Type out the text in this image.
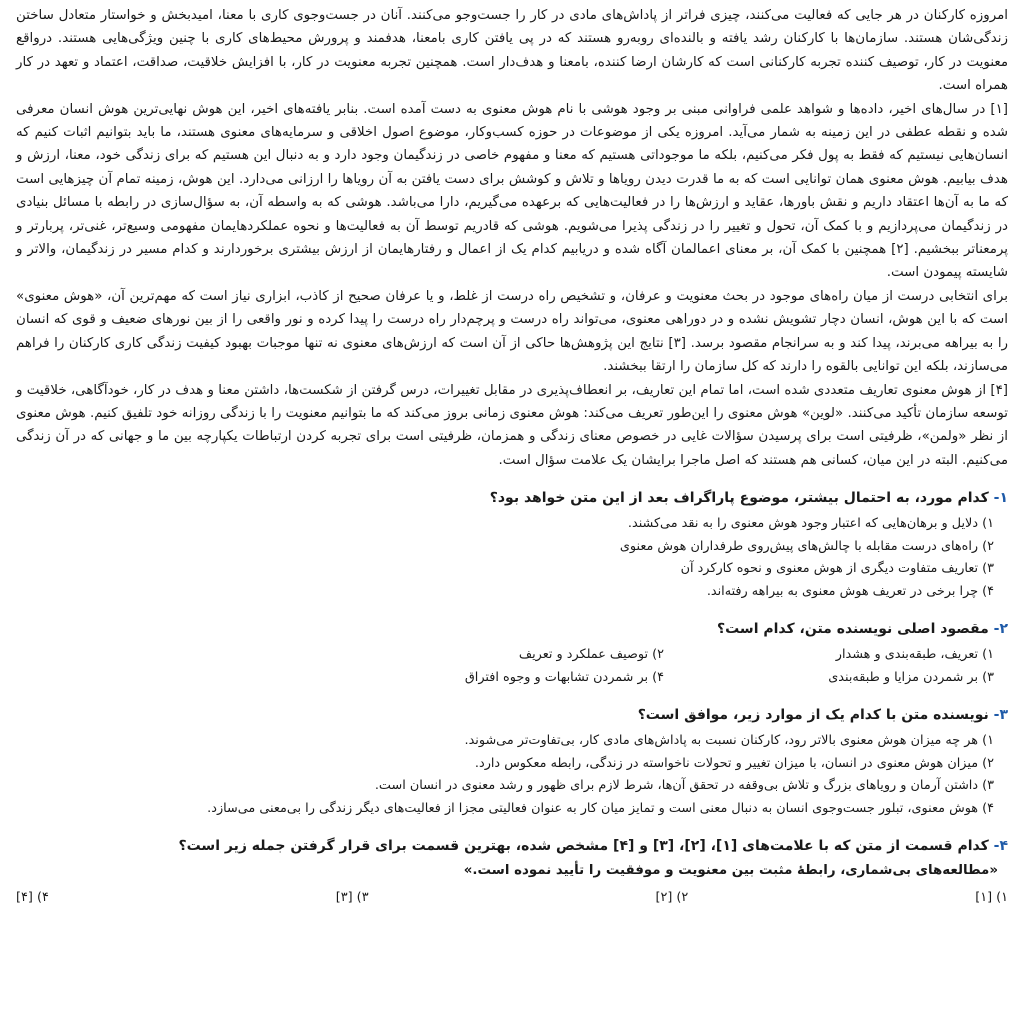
امروزه کارکنان در هر جایی که فعالیت می‌کنند، چیزی فراتر از پاداش‌های مادی در کار را جست‌وجو می‌کنند. آنان در جست‌وجوی کاری با معنا، امیدبخش و خواستار متعادل ساختن زندگی‌شان هستند. سازمان‌ها با کارکنان رشد یافته و بالنده‌ای روبه‌رو هستند که در پی یافتن کاری بامعنا، هدفمند و پرورش محیط‌های کاری با چنین ویژگی‌هایی هستند. درواقع معنویت در کار، توصیف کننده تجربه کارکنانی است که کارشان ارضا کننده، بامعنا و هدف‌دار است. همچنین تجربه معنویت در کار، با افزایش خلاقیت، صداقت، اعتماد و تعهد در کار همراه است.

[۱] در سال‌های اخیر، داده‌ها و شواهد علمی فراوانی مبنی بر وجود هوشی با نام هوش معنوی به دست آمده است. بنابر یافته‌های اخیر، این هوش نهایی‌ترین هوش انسان معرفی شده و نقطه عطفی در این زمینه به شمار می‌آید. امروزه یکی از موضوعات در حوزه کسب‌وکار، موضوع اصول اخلاقی و سرمایه‌های معنوی هستند، ما باید بتوانیم اثبات کنیم که انسان‌هایی نیستیم که فقط به پول فکر می‌کنیم، بلکه ما موجوداتی هستیم که معنا و مفهوم خاصی در زندگیمان وجود دارد و به دنبال این هستیم که برای زندگی خود، معنا، ارزش و هدف بیابیم. هوش معنوی همان توانایی است که به ما قدرت دیدن رویاها و تلاش و کوشش برای دست یافتن به آن رویاها را ارزانی می‌دارد. این هوش، زمینه تمام آن چیزهایی است که ما به آن‌ها اعتقاد داریم و نقش باورها، عقاید و ارزش‌ها را در فعالیت‌هایی که برعهده می‌گیریم، دارا می‌باشد. هوشی که به واسطه آن، به سؤال‌سازی در رابطه با مسائل بنیادی در زندگیمان می‌پردازیم و با کمک آن، تحول و تغییر را در زندگی پذیرا می‌شویم. هوشی که قادریم توسط آن به فعالیت‌ها و نحوه عملکردهایمان مفهومی وسیع‌تر، غنی‌تر، پربارتر و پرمعناتر ببخشیم. [۲] همچنین با کمک آن، بر معنای اعمالمان آگاه شده و دریابیم کدام یک از اعمال و رفتارهایمان از ارزش بیشتری برخوردارند و کدام مسیر در زندگیمان، والاتر و شایسته پیمودن است.

برای انتخابی درست از میان راه‌های موجود در بحث معنویت و عرفان، و تشخیص راه درست از غلط، و یا عرفان صحیح از کاذب، ابزاری نیاز است که مهم‌ترین آن، «هوش معنوی» است که با این هوش، انسان دچار تشویش نشده و در دوراهی معنوی، می‌تواند راه درست و پرچم‌دار راه درست را پیدا کرده و نور واقعی را از بین نورهای ضعیف و قوی که انسان را به بیراهه می‌برند، پیدا کند و به سرانجام مقصود برسد. [۳] نتایج این پژوهش‌ها حاکی از آن است که ارزش‌های معنوی نه تنها موجبات بهبود کیفیت زندگی کاری کارکنان را فراهم می‌سازند، بلکه این توانایی بالقوه را دارند که کل سازمان را ارتقا ببخشند.

[۴] از هوش معنوی تعاریف متعددی شده است، اما تمام این تعاریف، بر انعطاف‌پذیری در مقابل تغییرات، درس گرفتن از شکست‌ها، داشتن معنا و هدف در کار، خودآگاهی، خلاقیت و توسعه سازمان تأکید می‌کنند. «لوین» هوش معنوی را این‌طور تعریف می‌کند: هوش معنوی زمانی بروز می‌کند که ما بتوانیم معنویت را با زندگی روزانه خود تلفیق کنیم. هوش معنوی از نظر «ولمن»، ظرفیتی است برای پرسیدن سؤالات غایی در خصوص معنای زندگی و همزمان، ظرفیتی است برای تجربه کردن ارتباطات یکپارچه بین ما و جهانی که در آن زندگی می‌کنیم. البته در این میان، کسانی هم هستند که اصل ماجرا برایشان یک علامت سؤال است.

۱- کدام مورد، به احتمال بیشتر، موضوع پاراگراف بعد از این متن خواهد بود؟
۱) دلایل و برهان‌هایی که اعتبار وجود هوش معنوی را به نقد می‌کشند.
۲) راه‌های درست مقابله با چالش‌های پیش‌روی طرفداران هوش معنوی
۳) تعاریف متفاوت دیگری از هوش معنوی و نحوه کارکرد آن
۴) چرا برخی در تعریف هوش معنوی به بیراهه رفته‌اند.
۲- مقصود اصلی نویسنده متن، کدام است؟
۱) تعریف، طبقه‌بندی و هشدار
۲) توصیف عملکرد و تعریف
۳) بر شمردن مزایا و طبقه‌بندی
۴) بر شمردن تشابهات و وجوه افتراق
۳- نویسنده متن با کدام یک از موارد زیر، موافق است؟
۱) هر چه میزان هوش معنوی بالاتر رود، کارکنان نسبت به پاداش‌های مادی کار، بی‌تفاوت‌تر می‌شوند.
۲) میزان هوش معنوی در انسان، با میزان تغییر و تحولات ناخواسته در زندگی، رابطه معکوس دارد.
۳) داشتن آرمان و رویاهای بزرگ و تلاش بی‌وقفه در تحقق آن‌ها، شرط لازم برای ظهور و رشد معنوی در انسان است.
۴) هوش معنوی، تبلور جست‌وجوی انسان به دنبال معنی است و تمایز میان کار به عنوان فعالیتی مجزا از فعالیت‌های دیگر زندگی را بی‌معنی می‌سازد.
۴- کدام قسمت از متن که با علامت‌های [۱]، [۲]، [۳] و [۴] مشخص شده، بهترین قسمت برای قرار گرفتن جمله زیر است؟
«مطالعه‌های بی‌شماری، رابطهٔ مثبت بین معنویت و موفقیت را تأیید نموده است.»
۱) [۱]
۲) [۲]
۳) [۳]
۴) [۴]
